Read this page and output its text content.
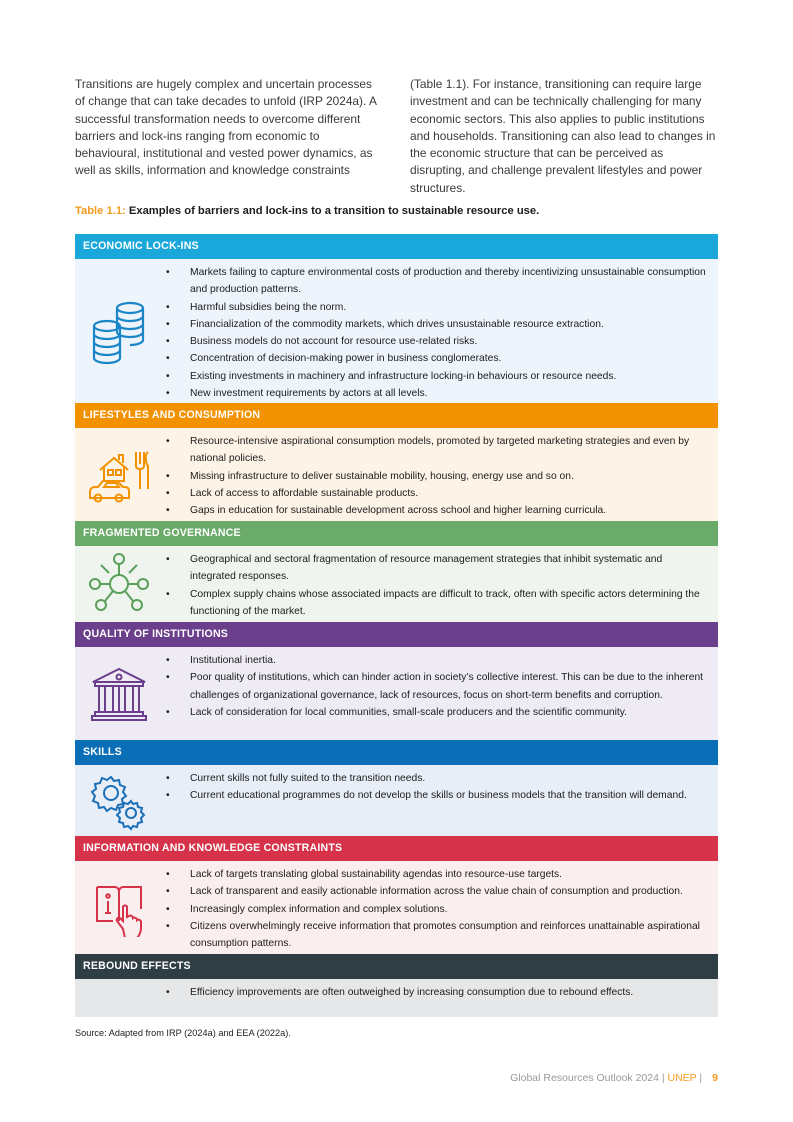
Transitions are hugely complex and uncertain processes of change that can take decades to unfold (IRP 2024a). A successful transformation needs to overcome different barriers and lock-ins ranging from economic to behavioural, institutional and vested power dynamics, as well as skills, information and knowledge constraints

(Table 1.1). For instance, transitioning can require large investment and can be technically challenging for many economic sectors. This also applies to public institutions and households. Transitioning can also lead to changes in the economic structure that can be perceived as disrupting, and challenge prevalent lifestyles and power structures.

Table 1.1: Examples of barriers and lock-ins to a transition to sustainable resource use.
ECONOMIC LOCK-INS
• Markets failing to capture environmental costs of production and thereby incentivizing unsustainable consumption and production patterns.
• Harmful subsidies being the norm.
• Financialization of the commodity markets, which drives unsustainable resource extraction.
• Business models do not account for resource use-related risks.
• Concentration of decision-making power in business conglomerates.
• Existing investments in machinery and infrastructure locking-in behaviours or resource needs.
• New investment requirements by actors at all levels.
LIFESTYLES AND CONSUMPTION
• Resource-intensive aspirational consumption models, promoted by targeted marketing strategies and even by national policies.
• Missing infrastructure to deliver sustainable mobility, housing, energy use and so on.
• Lack of access to affordable sustainable products.
• Gaps in education for sustainable development across school and higher learning curricula.
FRAGMENTED GOVERNANCE
• Geographical and sectoral fragmentation of resource management strategies that inhibit systematic and integrated responses.
• Complex supply chains whose associated impacts are difficult to track, often with specific actors determining the functioning of the market.
QUALITY OF INSTITUTIONS
• Institutional inertia.
• Poor quality of institutions, which can hinder action in society’s collective interest. This can be due to the inherent challenges of organizational governance, lack of resources, focus on short-term benefits and corruption.
• Lack of consideration for local communities, small-scale producers and the scientific community.
SKILLS
• Current skills not fully suited to the transition needs.
• Current educational programmes do not develop the skills or business models that the transition will demand.
INFORMATION AND KNOWLEDGE CONSTRAINTS
• Lack of targets translating global sustainability agendas into resource-use targets.
• Lack of transparent and easily actionable information across the value chain of consumption and production.
• Increasingly complex information and complex solutions.
• Citizens overwhelmingly receive information that promotes consumption and reinforces unattainable aspirational consumption patterns.
REBOUND EFFECTS
• Efficiency improvements are often outweighed by increasing consumption due to rebound effects.
Source: Adapted from IRP (2024a) and EEA (2022a).
Global Resources Outlook 2024 | UNEP | 9
